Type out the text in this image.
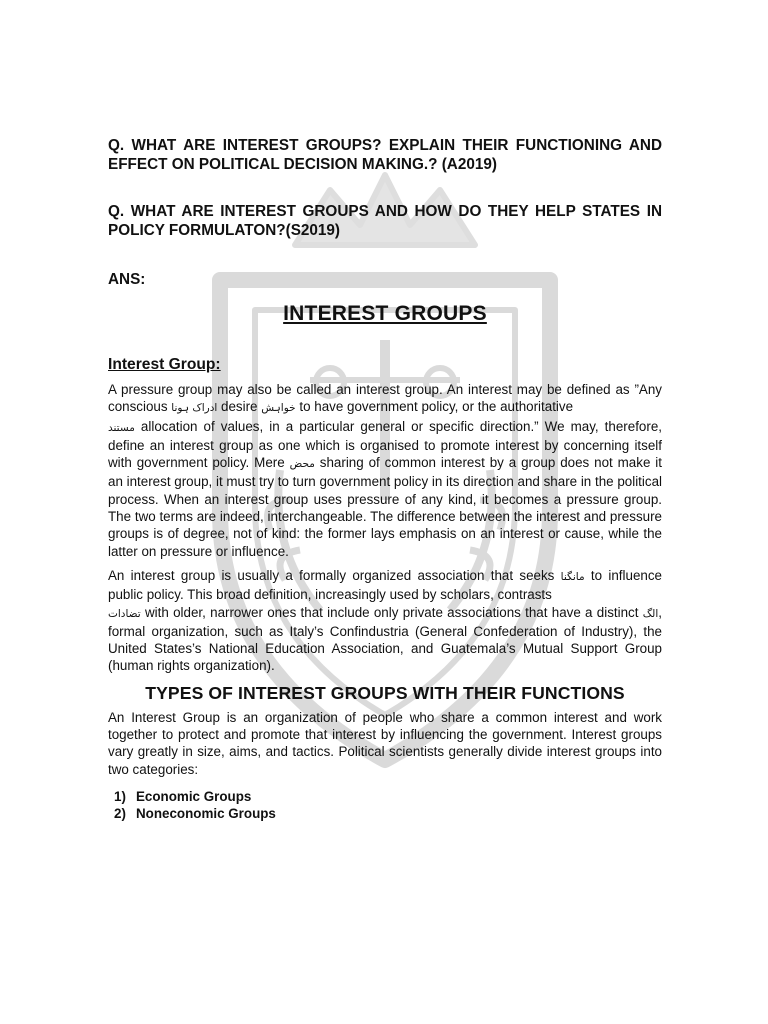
Q. WHAT ARE INTEREST GROUPS? EXPLAIN THEIR FUNCTIONING AND EFFECT ON POLITICAL DECISION MAKING.? (A2019)

Q. WHAT ARE INTEREST GROUPS AND HOW DO THEY HELP STATES IN POLICY FORMULATON?(S2019)

ANS:
INTEREST GROUPS
Interest Group:

A pressure group may also be called an interest group. An interest may be defined as ”Any conscious ادراک ہونا desire خواہش to have government policy, or the authoritative
مستند allocation of values, in a particular general or specific direction.” We may, therefore, define an interest group as one which is organised to promote interest by concerning itself with government policy. Mere محض sharing of common interest by a group does not make it an interest group, it must try to turn government policy in its direction and share in the political process. When an interest group uses pressure of any kind, it becomes a pressure group. The two terms are indeed, interchangeable. The difference between the interest and pressure groups is of degree, not of kind: the former lays emphasis on an interest or cause, while the latter on pressure or influence.

An interest group is usually a formally organized association that seeks مانگنا to influence public policy. This broad definition, increasingly used by scholars, contrasts
تضادات with older, narrower ones that include only private associations that have a distinct الگ, formal organization, such as Italy’s Confindustria (General Confederation of Industry), the United States’s National Education Association, and Guatemala’s Mutual Support Group (human rights organization).

TYPES OF INTEREST GROUPS WITH THEIR FUNCTIONS

An Interest Group is an organization of people who share a common interest and work together to protect and promote that interest by influencing the government. Interest groups vary greatly in size, aims, and tactics. Political scientists generally divide interest groups into two categories:

1) Economic Groups
2) Noneconomic Groups
